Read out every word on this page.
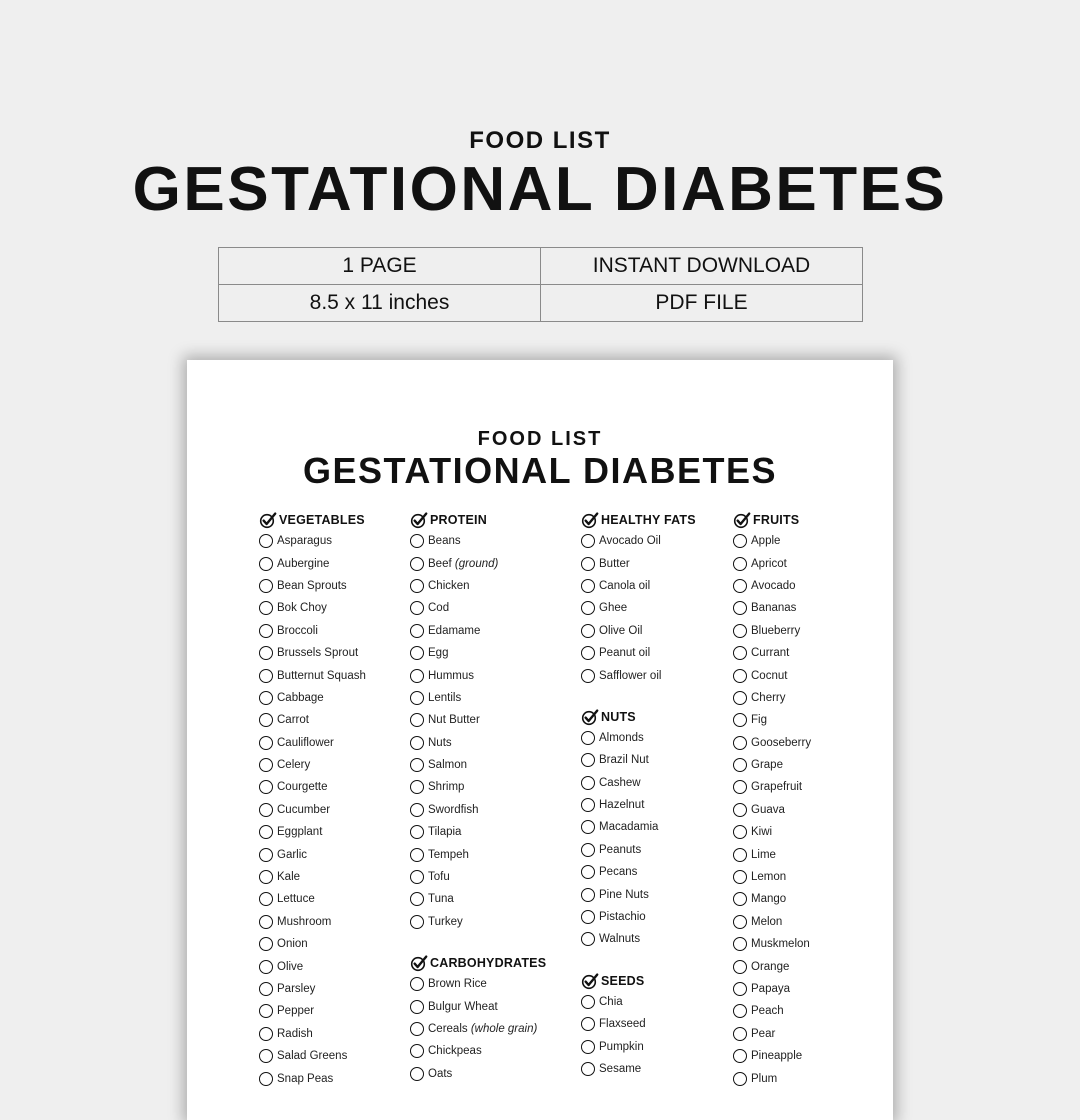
FOOD LIST
GESTATIONAL DIABETES
1 PAGE	INSTANT DOWNLOAD
8.5 x 11 inches	PDF FILE
FOOD LIST
GESTATIONAL DIABETES
VEGETABLES
Asparagus
Aubergine
Bean Sprouts
Bok Choy
Broccoli
Brussels Sprout
Butternut Squash
Cabbage
Carrot
Cauliflower
Celery
Courgette
Cucumber
Eggplant
Garlic
Kale
Lettuce
Mushroom
Onion
Olive
Parsley
Pepper
Radish
Salad Greens
Snap Peas
PROTEIN
Beans
Beef (ground)
Chicken
Cod
Edamame
Egg
Hummus
Lentils
Nut Butter
Nuts
Salmon
Shrimp
Swordfish
Tilapia
Tempeh
Tofu
Tuna
Turkey
CARBOHYDRATES
Brown Rice
Bulgur Wheat
Cereals (whole grain)
Chickpeas
Oats
HEALTHY FATS
Avocado Oil
Butter
Canola oil
Ghee
Olive Oil
Peanut oil
Safflower oil
NUTS
Almonds
Brazil Nut
Cashew
Hazelnut
Macadamia
Peanuts
Pecans
Pine Nuts
Pistachio
Walnuts
SEEDS
Chia
Flaxseed
Pumpkin
Sesame
FRUITS
Apple
Apricot
Avocado
Bananas
Blueberry
Currant
Cocnut
Cherry
Fig
Gooseberry
Grape
Grapefruit
Guava
Kiwi
Lime
Lemon
Mango
Melon
Muskmelon
Orange
Papaya
Peach
Pear
Pineapple
Plum
